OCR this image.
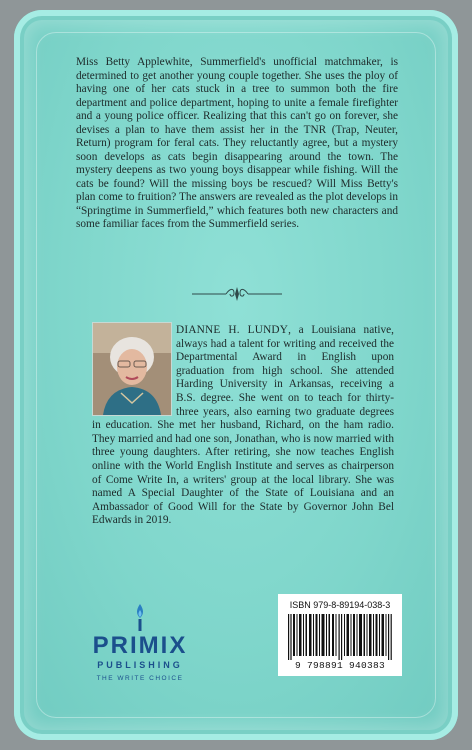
Miss Betty Applewhite, Summerfield's unofficial matchmaker, is determined to get another young couple together. She uses the ploy of having one of her cats stuck in a tree to summon both the fire department and police department, hoping to unite a female firefighter and a young police officer. Realizing that this can't go on forever, she devises a plan to have them assist her in the TNR (Trap, Neuter, Return) program for feral cats. They reluctantly agree, but a mystery soon develops as cats begin disappearing around the town. The mystery deepens as two young boys disappear while fishing. Will the cats be found? Will the missing boys be rescued? Will Miss Betty's plan come to fruition? The answers are revealed as the plot develops in “Springtime in Summerfield,” which features both new characters and some familiar faces from the Summerfield series.
DIANNE H. LUNDY, a Louisiana native, always had a talent for writing and received the Departmental Award in English upon graduation from high school. She attended Harding University in Arkansas, receiving a B.S. degree. She went on to teach for thirty-three years, also earning two graduate degrees in education. She met her husband, Richard, on the ham radio. They married and had one son, Jonathan, who is now married with three young daughters. After retiring, she now teaches English online with the World English Institute and serves as chairperson of Come Write In, a writers' group at the local library. She was named A Special Daughter of the State of Louisiana and an Ambassador of Good Will for the State by Governor John Bel Edwards in 2019.
PRIMIX
PUBLISHING
THE WRITE CHOICE
ISBN 979-8-89194-038-3
9 798891 940383
